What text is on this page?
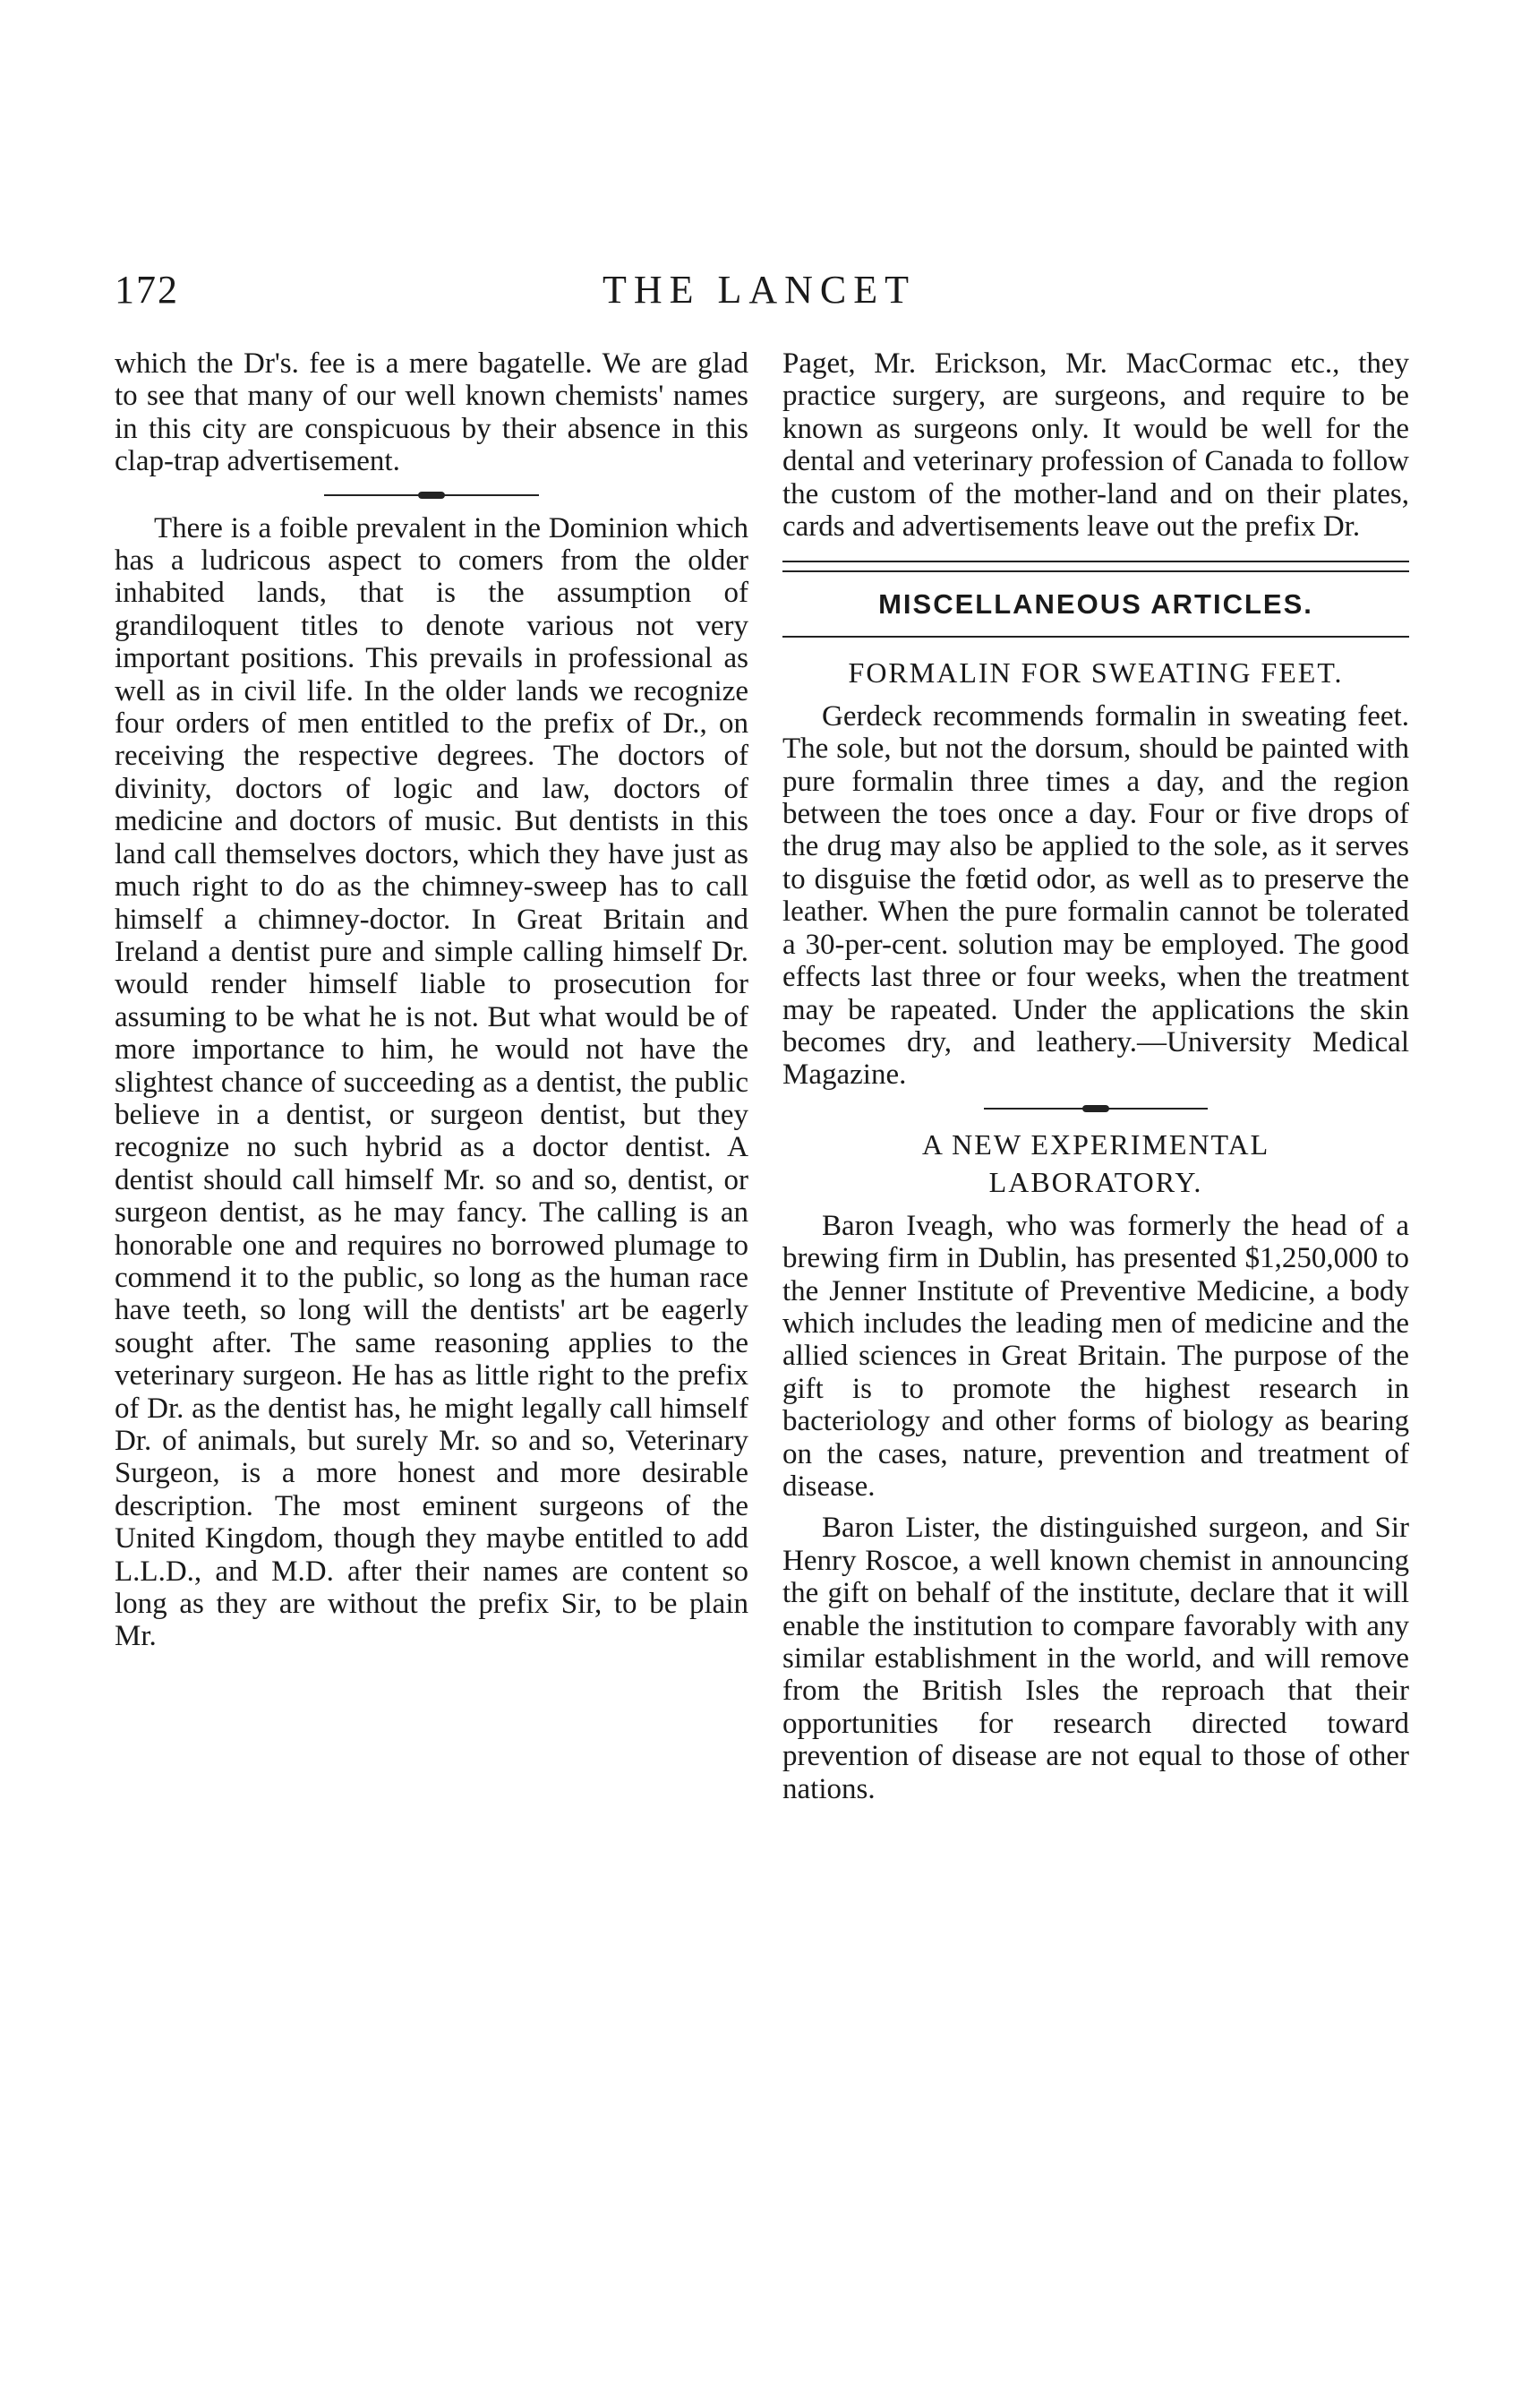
172	THE LANCET

which the Dr's. fee is a mere bagatelle. We are glad to see that many of our well known chemists' names in this city are conspicuous by their absence in this clap-trap advertisement.

There is a foible prevalent in the Dominion which has a ludricous aspect to comers from the older inhabited lands, that is the assumption of grandiloquent titles to denote various not very important positions. This prevails in professional as well as in civil life. In the older lands we recognize four orders of men entitled to the prefix of Dr., on receiving the respective degrees. The doctors of divinity, doctors of logic and law, doctors of medicine and doctors of music. But dentists in this land call themselves doctors, which they have just as much right to do as the chimney-sweep has to call himself a chimney-doctor. In Great Britain and Ireland a dentist pure and simple calling himself Dr. would render himself liable to prosecution for assuming to be what he is not. But what would be of more importance to him, he would not have the slightest chance of succeeding as a dentist, the public believe in a dentist, or surgeon dentist, but they recognize no such hybrid as a doctor dentist. A dentist should call himself Mr. so and so, dentist, or surgeon dentist, as he may fancy. The calling is an honorable one and requires no borrowed plumage to commend it to the public, so long as the human race have teeth, so long will the dentists' art be eagerly sought after. The same reasoning applies to the veterinary surgeon. He has as little right to the prefix of Dr. as the dentist has, he might legally call himself Dr. of animals, but surely Mr. so and so, Veterinary Surgeon, is a more honest and more desirable description. The most eminent surgeons of the United Kingdom, though they maybe entitled to add L.L.D., and M.D. after their names are content so long as they are without the prefix Sir, to be plain Mr.

Paget, Mr. Erickson, Mr. MacCormac etc., they practice surgery, are surgeons, and require to be known as surgeons only. It would be well for the dental and veterinary profession of Canada to follow the custom of the mother-land and on their plates, cards and advertisements leave out the prefix Dr.

MISCELLANEOUS ARTICLES.

FORMALIN FOR SWEATING FEET.

Gerdeck recommends formalin in sweating feet. The sole, but not the dorsum, should be painted with pure formalin three times a day, and the region between the toes once a day. Four or five drops of the drug may also be applied to the sole, as it serves to disguise the fœtid odor, as well as to preserve the leather. When the pure formalin cannot be tolerated a 30-per-cent. solution may be employed. The good effects last three or four weeks, when the treatment may be rapeated. Under the applications the skin becomes dry, and leathery.—University Medical Magazine.

A NEW EXPERIMENTAL
LABORATORY.

Baron Iveagh, who was formerly the head of a brewing firm in Dublin, has presented $1,250,000 to the Jenner Institute of Preventive Medicine, a body which includes the leading men of medicine and the allied sciences in Great Britain. The purpose of the gift is to promote the highest research in bacteriology and other forms of biology as bearing on the cases, nature, prevention and treatment of disease.

Baron Lister, the distinguished surgeon, and Sir Henry Roscoe, a well known chemist in announcing the gift on behalf of the institute, declare that it will enable the institution to compare favorably with any similar establishment in the world, and will remove from the British Isles the reproach that their opportunities for research directed toward prevention of disease are not equal to those of other nations.
